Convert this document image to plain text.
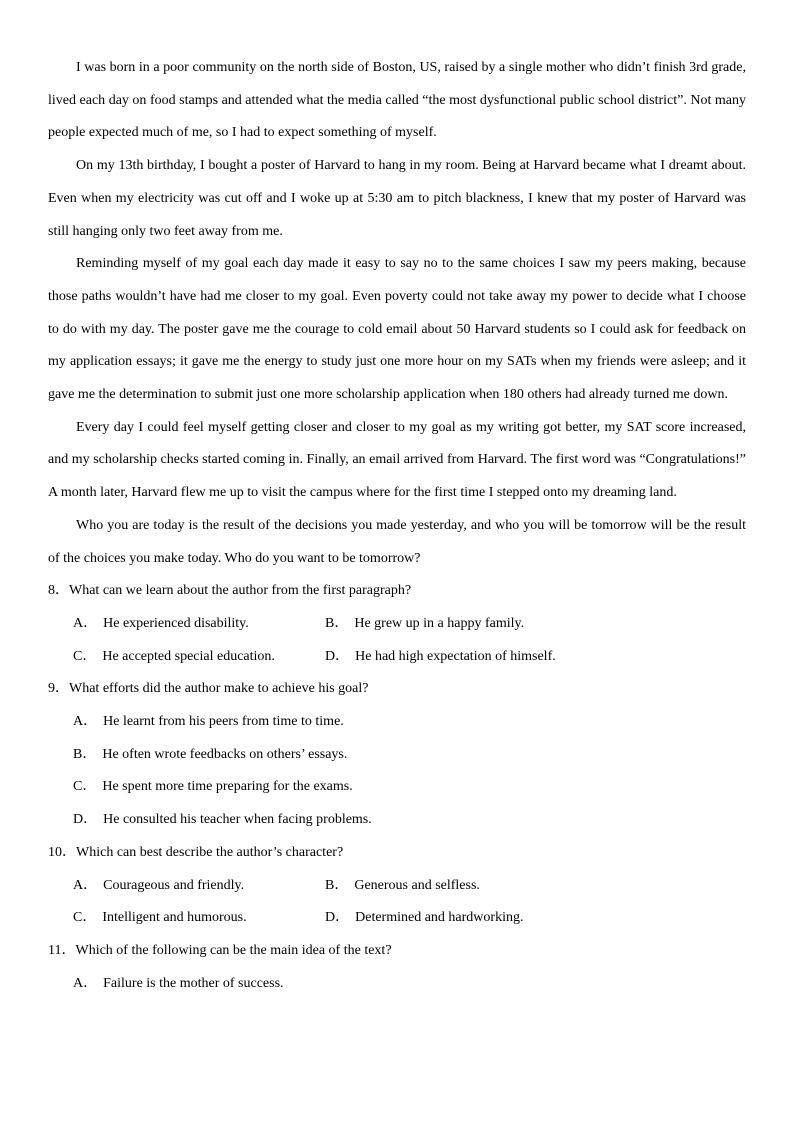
I was born in a poor community on the north side of Boston, US, raised by a single mother who didn’t finish 3rd grade, lived each day on food stamps and attended what the media called “the most dysfunctional public school district”. Not many people expected much of me, so I had to expect something of myself.

On my 13th birthday, I bought a poster of Harvard to hang in my room. Being at Harvard became what I dreamt about. Even when my electricity was cut off and I woke up at 5:30 am to pitch blackness, I knew that my poster of Harvard was still hanging only two feet away from me.

Reminding myself of my goal each day made it easy to say no to the same choices I saw my peers making, because those paths wouldn’t have had me closer to my goal. Even poverty could not take away my power to decide what I choose to do with my day. The poster gave me the courage to cold email about 50 Harvard students so I could ask for feedback on my application essays; it gave me the energy to study just one more hour on my SATs when my friends were asleep; and it gave me the determination to submit just one more scholarship application when 180 others had already turned me down.

Every day I could feel myself getting closer and closer to my goal as my writing got better, my SAT score increased, and my scholarship checks started coming in. Finally, an email arrived from Harvard. The first word was “Congratulations!” A month later, Harvard flew me up to visit the campus where for the first time I stepped onto my dreaming land.

Who you are today is the result of the decisions you made yesterday, and who you will be tomorrow will be the result of the choices you make today. Who do you want to be tomorrow?

8．What can we learn about the author from the first paragraph?

A． He experienced disability.	B． He grew up in a happy family.
C． He accepted special education.	D． He had high expectation of himself.

9．What efforts did the author make to achieve his goal?

A． He learnt from his peers from time to time.
B． He often wrote feedbacks on others’ essays.
C． He spent more time preparing for the exams.
D． He consulted his teacher when facing problems.

10．Which can best describe the author’s character?

A． Courageous and friendly.	B． Generous and selfless.
C． Intelligent and humorous.	D． Determined and hardworking.

11．Which of the following can be the main idea of the text?

A． Failure is the mother of success.
